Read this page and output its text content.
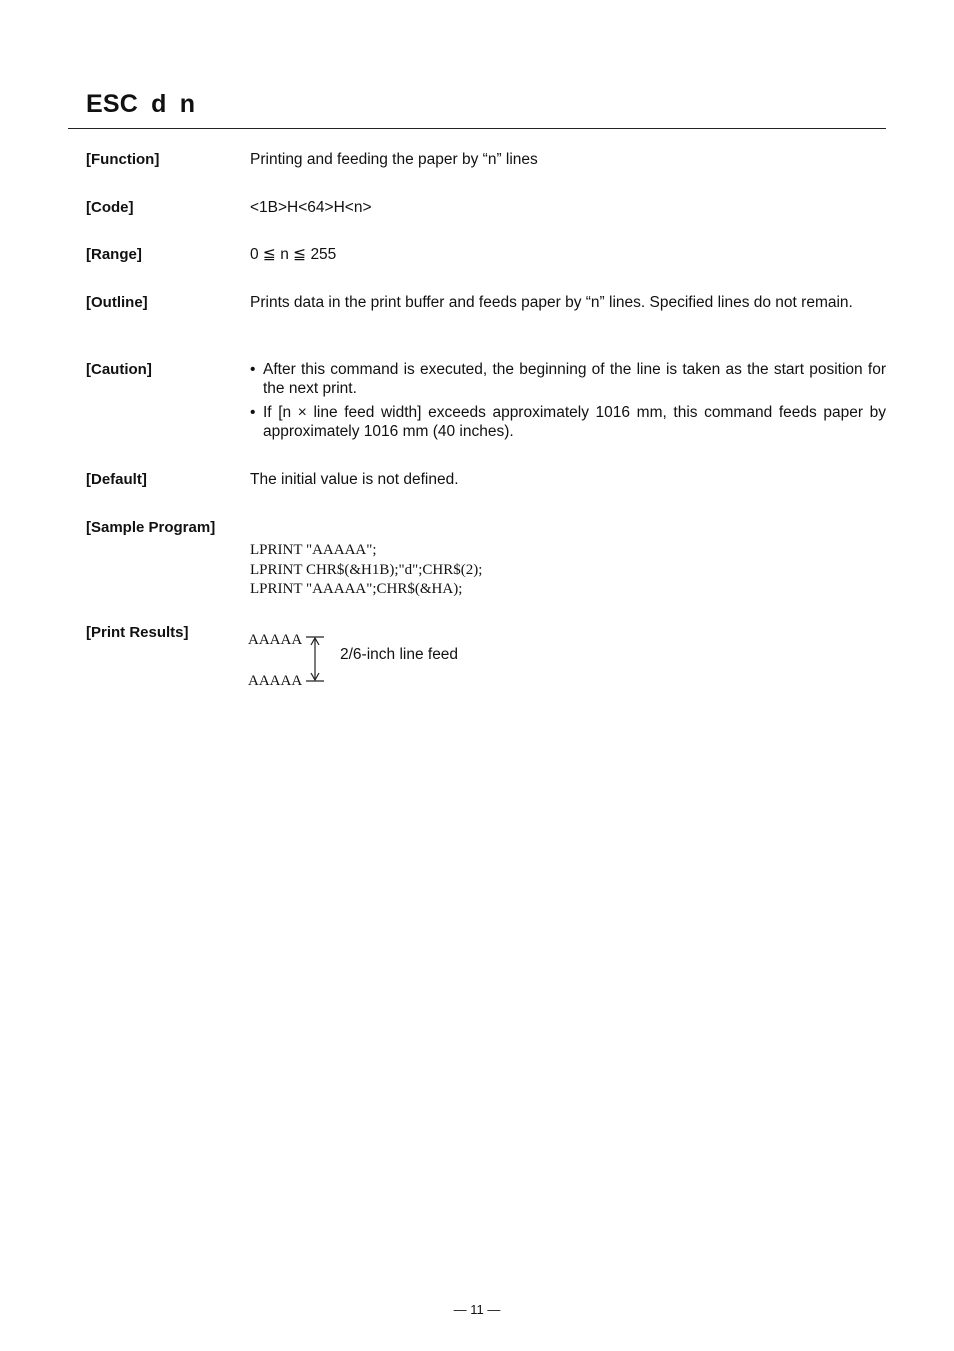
ESC d n
[Function]	Printing and feeding the paper by “n” lines
[Code]	<1B>H<64>H<n>
[Range]	0 ≦ n ≦ 255
[Outline]	Prints data in the print buffer and feeds paper by “n” lines. Specified lines do not remain.
[Caution]	• After this command is executed, the beginning of the line is taken as the start position for the next print.
• If [n × line feed width] exceeds approximately 1016 mm, this command feeds paper by approximately 1016 mm (40 inches).
[Default]	The initial value is not defined.
[Sample Program]
LPRINT "AAAAA";
LPRINT CHR$(&H1B);"d";CHR$(2);
LPRINT "AAAAA";CHR$(&HA);
[Print Results]	AAAAA
AAAAA
2/6-inch line feed
— 11 —
